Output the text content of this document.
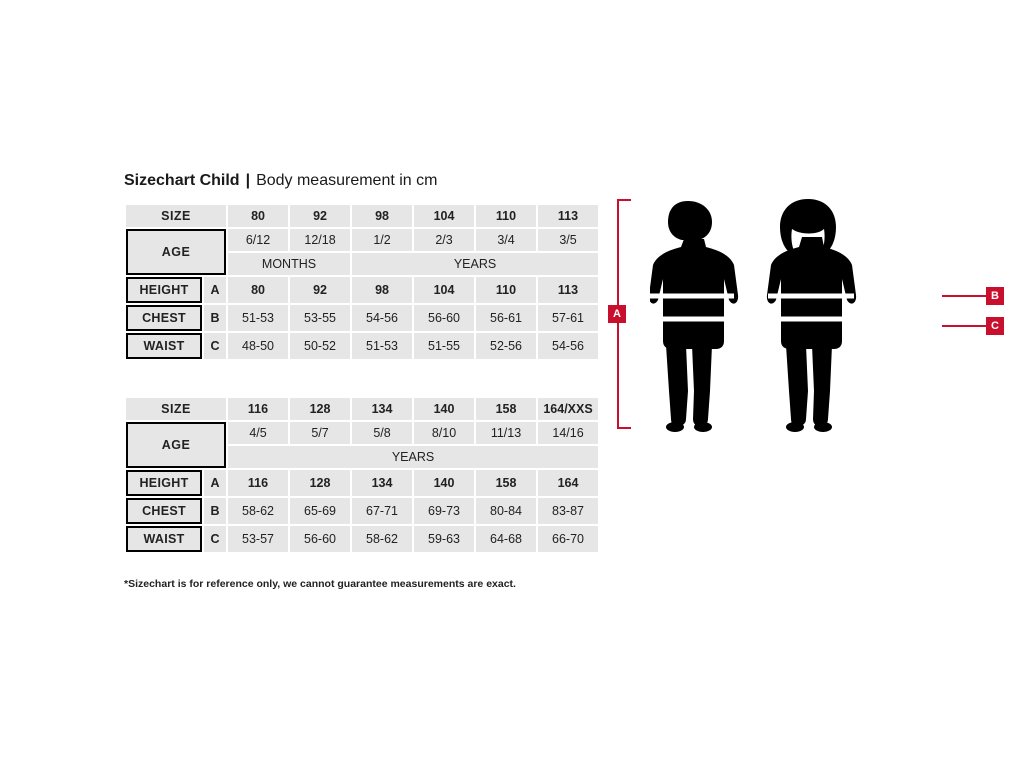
Sizechart Child | Body measurement in cm
SIZE		80	92	98	104	110	113
AGE		6/12	12/18	1/2	2/3	3/4	3/5
		MONTHS		YEARS			
HEIGHT	A	80	92	98	104	110	113
CHEST	B	51-53	53-55	54-56	56-60	56-61	57-61
WAIST	C	48-50	50-52	51-53	51-55	52-56	54-56
SIZE		116	128	134	140	158	164/XXS
AGE		4/5	5/7	5/8	8/10	11/13	14/16
		YEARS					
HEIGHT	A	116	128	134	140	158	164
CHEST	B	58-62	65-69	67-71	69-73	80-84	83-87
WAIST	C	53-57	56-60	58-62	59-63	64-68	66-70
*Sizechart is for reference only, we cannot guarantee measurements are exact.
A
B
C
